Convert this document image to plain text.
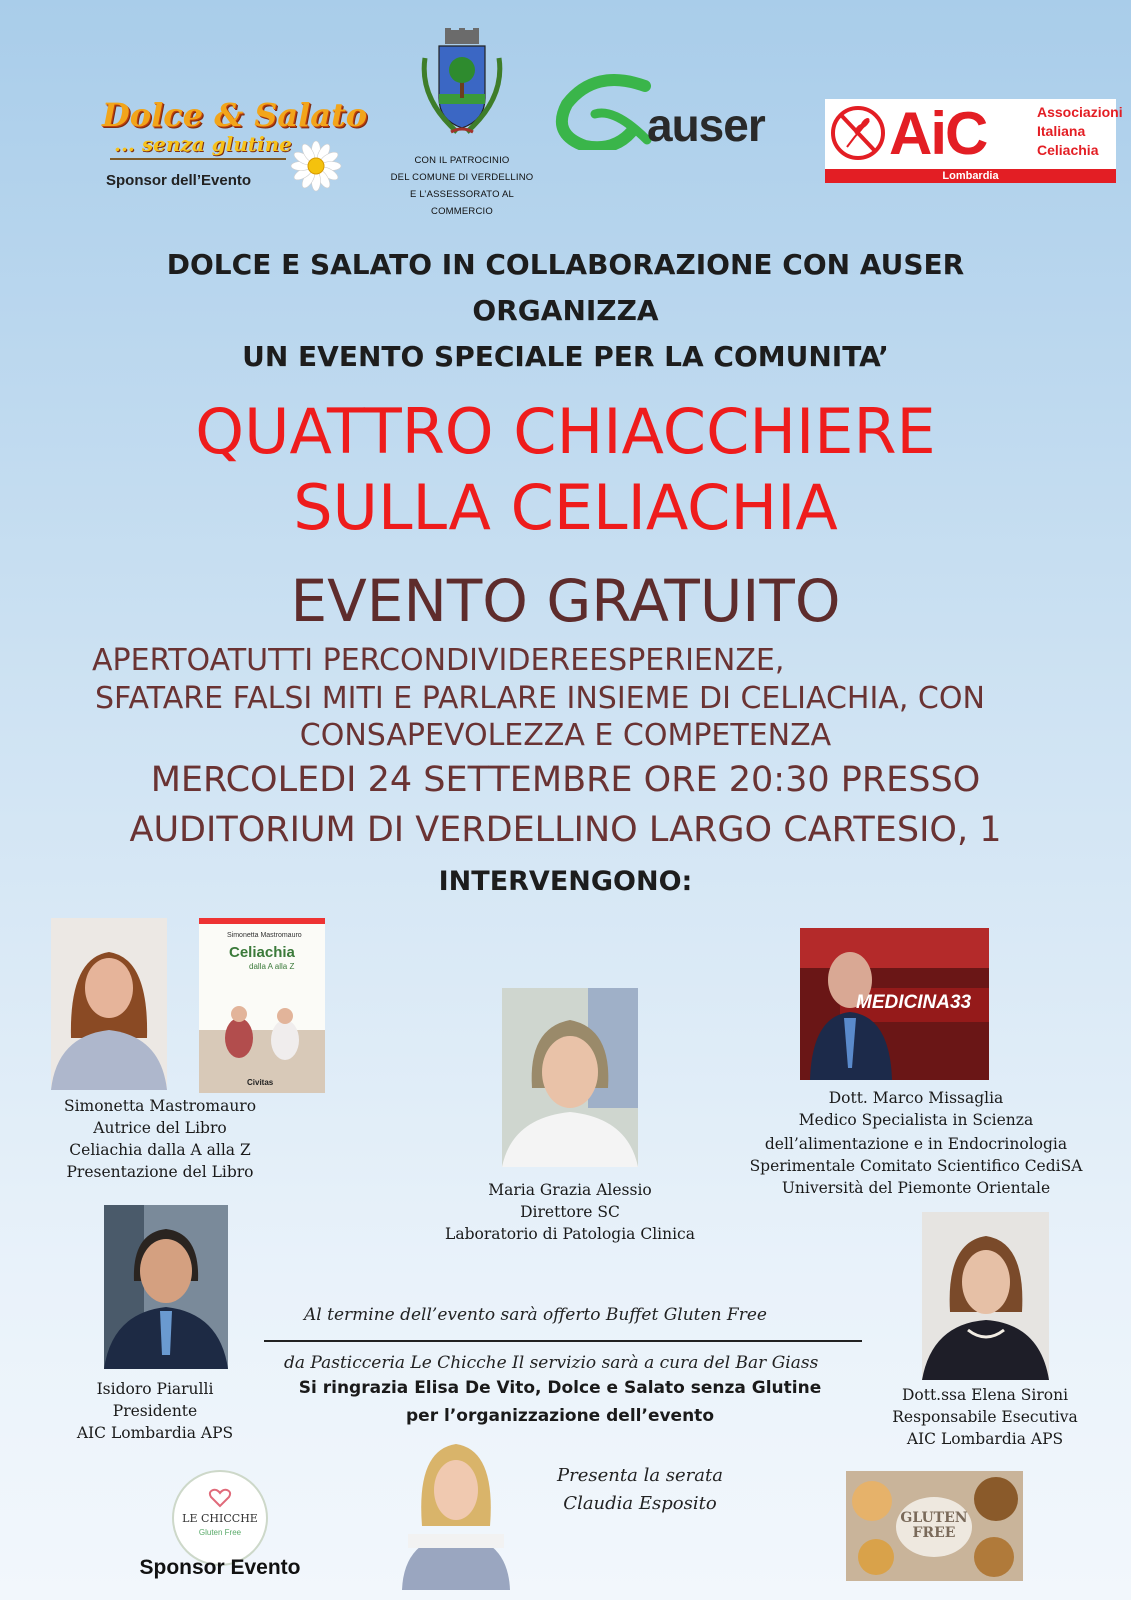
Dolce & Salato
... senza glutine
Sponsor dell’Evento
CON IL PATROCINIO
DEL COMUNE DI VERDELLINO
E L’ASSESSORATO AL COMMERCIO
auser AiC	Associazioni
Italiana
Celiachia
Lombardia
DOLCE E SALATO IN COLLABORAZIONE CON AUSER
ORGANIZZA
UN EVENTO SPECIALE PER LA COMUNITA’
QUATTRO CHIACCHIERE
SULLA CELIACHIA
EVENTO GRATUITO
APERTOATUTTI PERCONDIVIDEREESPERIENZE,
SFATARE FALSI MITI E PARLARE INSIEME DI CELIACHIA, CON
CONSAPEVOLEZZA E COMPETENZA
MERCOLEDI 24 SETTEMBRE ORE 20:30 PRESSO
AUDITORIUM DI VERDELLINO LARGO CARTESIO, 1
INTERVENGONO:
Simonetta Mastromauro
Celiachia
dalla A alla Z
Civitas
MEDICINA33
GLUTEN FREE
Simonetta Mastromauro
Autrice del Libro
Celiachia dalla A alla Z
Presentazione del Libro
Maria Grazia Alessio
Direttore SC
Laboratorio di Patologia Clinica
Dott. Marco Missaglia
Medico Specialista in Scienza
dell’alimentazione e in Endocrinologia
Sperimentale Comitato Scientifico CediSA
Università del Piemonte Orientale
Isidoro Piarulli
Presidente
AIC Lombardia APS
Dott.ssa Elena Sironi
Responsabile Esecutiva
AIC Lombardia APS
Al termine dell’evento sarà offerto Buffet Gluten Free
da Pasticceria Le Chicche Il servizio sarà a cura del Bar Giass
Si ringrazia Elisa De Vito, Dolce e Salato senza Glutine
per l’organizzazione dell’evento
Presenta la serata
Claudia Esposito
LE CHICCHE
Gluten Free
Sponsor Evento
